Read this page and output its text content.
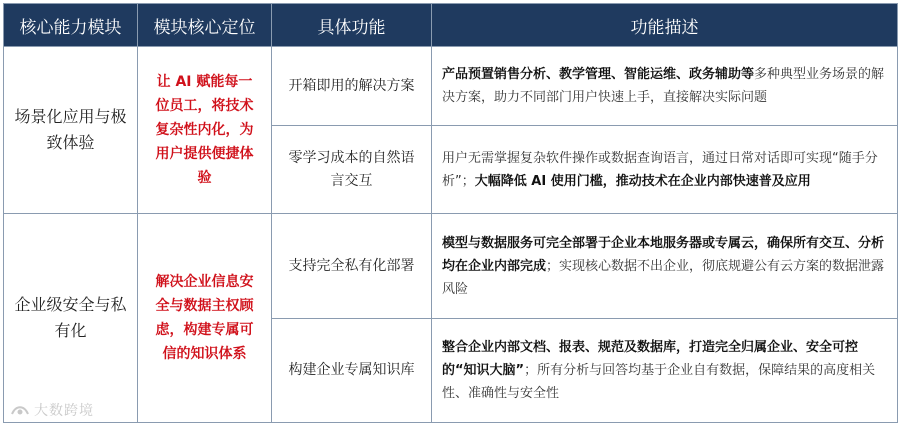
核心能力模块	模块核心定位	具体功能	功能描述
场景化应用与极致体验	让 AI 赋能每一位员工，将技术复杂性内化，为用户提供便捷体验	开箱即用的解决方案	产品预置销售分析、教学管理、智能运维、政务辅助等多种典型业务场景的解决方案，助力不同部门用户快速上手，直接解决实际问题
		零学习成本的自然语言交互	用户无需掌握复杂软件操作或数据查询语言，通过日常对话即可实现“随手分析”；大幅降低 AI 使用门槛，推动技术在企业内部快速普及应用
企业级安全与私有化	解决企业信息安全与数据主权顾虑，构建专属可信的知识体系	支持完全私有化部署	模型与数据服务可完全部署于企业本地服务器或专属云，确保所有交互、分析均在企业内部完成；实现核心数据不出企业，彻底规避公有云方案的数据泄露风险
		构建企业专属知识库	整合企业内部文档、报表、规范及数据库，打造完全归属企业、安全可控的“知识大脑”；所有分析与回答均基于企业自有数据，保障结果的高度相关性、准确性与安全性
大数跨境
